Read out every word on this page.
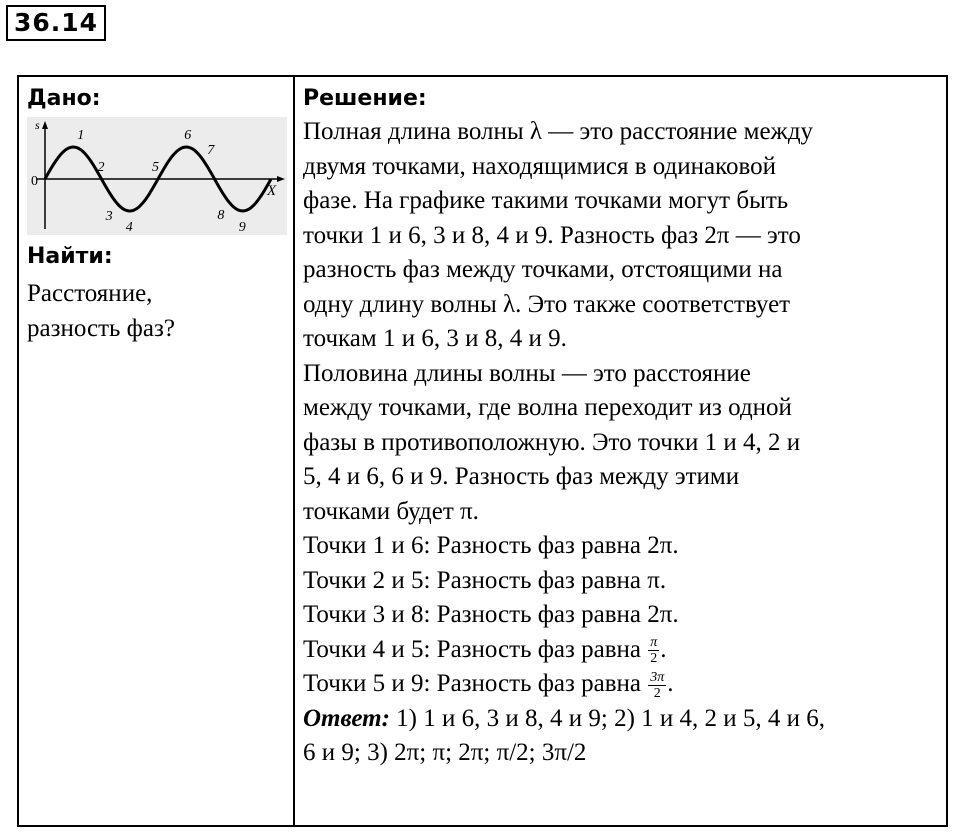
36.14
Дано:
s
X
0
1
2
3
4
5
6
7
8
9
Найти:
Расстояние,
разность фаз?
Решение:

Полная длина волны λ — это расстояние между

двумя точками, находящимися в одинаковой

фазе. На графике такими точками могут быть

точки 1 и 6, 3 и 8, 4 и 9. Разность фаз 2π — это

разность фаз между точками, отстоящими на

одну длину волны λ. Это также соответствует

точкам 1 и 6, 3 и 8, 4 и 9.

Половина длины волны — это расстояние

между точками, где волна переходит из одной

фазы в противоположную. Это точки 1 и 4, 2 и

5, 4 и 6, 6 и 9. Разность фаз между этими

точками будет π.

Точки 1 и 6: Разность фаз равна 2π.

Точки 2 и 5: Разность фаз равна π.

Точки 3 и 8: Разность фаз равна 2π.

Точки 4 и 5: Разность фаз равна $\frac{\pi}{2}$ .

Точки 5 и 9: Разность фаз равна $\frac{3\pi}{2}$ .

Ответ: 1) 1 и 6, 3 и 8, 4 и 9; 2) 1 и 4, 2 и 5, 4 и 6,

6 и 9; 3) 2π; π; 2π; π/2; 3π/2
